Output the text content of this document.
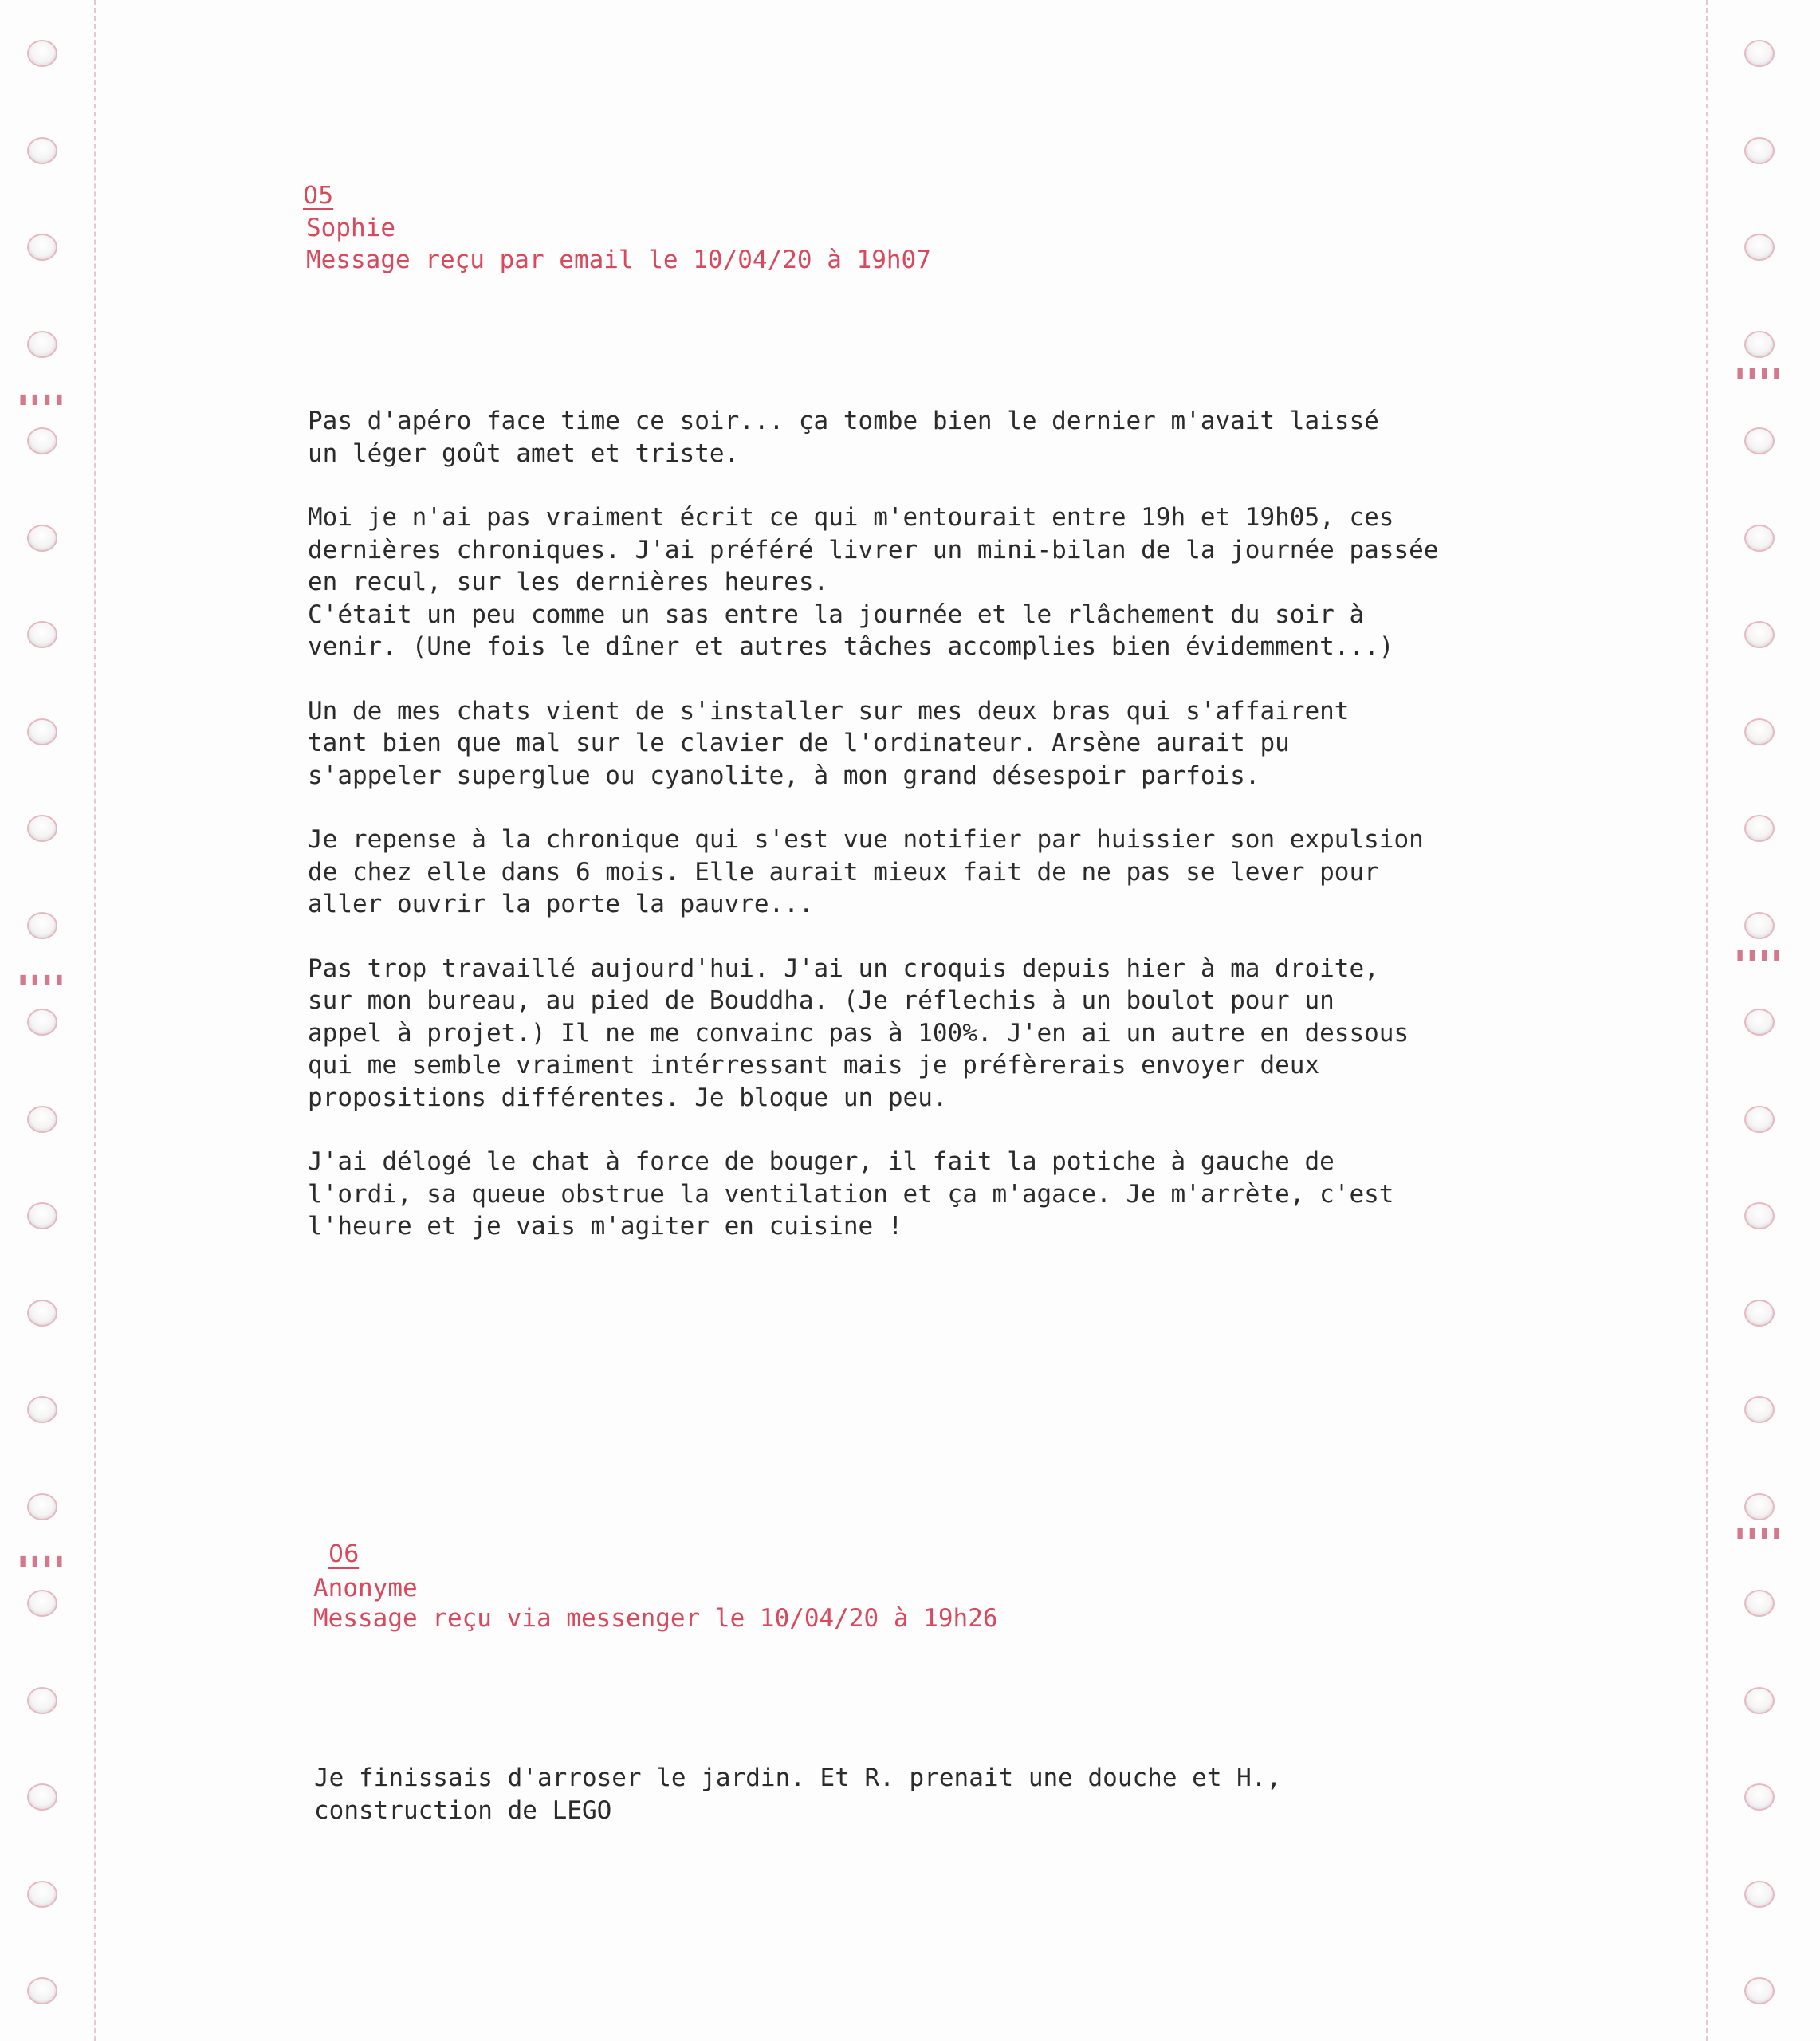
05
Sophie
Message reçu par email le 10/04/20 à 19h07
Pas d'apéro face time ce soir... ça tombe bien le dernier m'avait laissé
un léger goût amet et triste.
Moi je n'ai pas vraiment écrit ce qui m'entourait entre 19h et 19h05, ces
dernières chroniques. J'ai préféré livrer un mini-bilan de la journée passée
en recul, sur les dernières heures.
C'était un peu comme un sas entre la journée et le rlâchement du soir à
venir. (Une fois le dîner et autres tâches accomplies bien évidemment...)
Un de mes chats vient de s'installer sur mes deux bras qui s'affairent
tant bien que mal sur le clavier de l'ordinateur. Arsène aurait pu
s'appeler superglue ou cyanolite, à mon grand désespoir parfois.
Je repense à la chronique qui s'est vue notifier par huissier son expulsion
de chez elle dans 6 mois. Elle aurait mieux fait de ne pas se lever pour
aller ouvrir la porte la pauvre...
Pas trop travaillé aujourd'hui. J'ai un croquis depuis hier à ma droite,
sur mon bureau, au pied de Bouddha. (Je réflechis à un boulot pour un
appel à projet.) Il ne me convainc pas à 100%. J'en ai un autre en dessous
qui me semble vraiment intérressant mais je préfèrerais envoyer deux
propositions différentes. Je bloque un peu.
J'ai délogé le chat à force de bouger, il fait la potiche à gauche de
l'ordi, sa queue obstrue la ventilation et ça m'agace. Je m'arrète, c'est
l'heure et je vais m'agiter en cuisine !
06
Anonyme
Message reçu via messenger le 10/04/20 à 19h26
Je finissais d'arroser le jardin. Et R. prenait une douche et H.,
construction de LEGO
▮▮▮▮
▮▮▮▮
▮▮▮▮
▮▮▮▮
▮▮▮▮
▮▮▮▮
